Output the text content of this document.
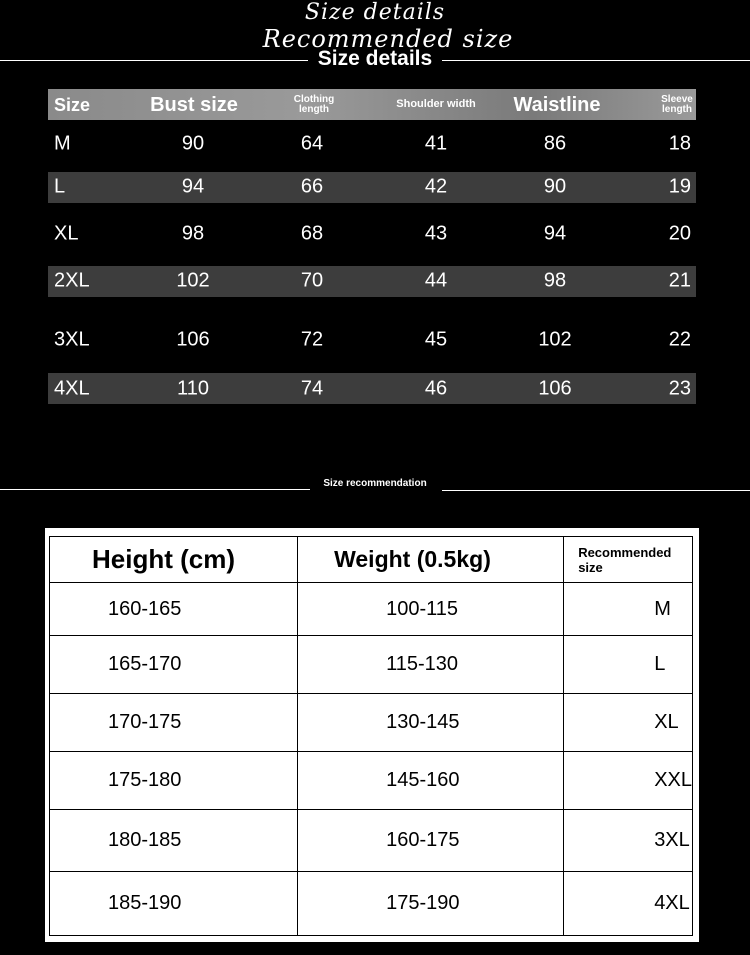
Size details
Size details
Size	Bust size	Clothing length	Shoulder width	Waistline	Sleeve length
M	90	64	41	86	18
L	94	66	42	90	19
XL	98	68	43	94	20
2XL	102	70	44	98	21
3XL	106	72	45	102	22
4XL	110	74	46	106	23
Recommended size
Size recommendation
Height (cm)	Weight (0.5kg)	Recommended size
160-165	100-115	M
165-170	115-130	L
170-175	130-145	XL
175-180	145-160	XXL
180-185	160-175	3XL
185-190	175-190	4XL
